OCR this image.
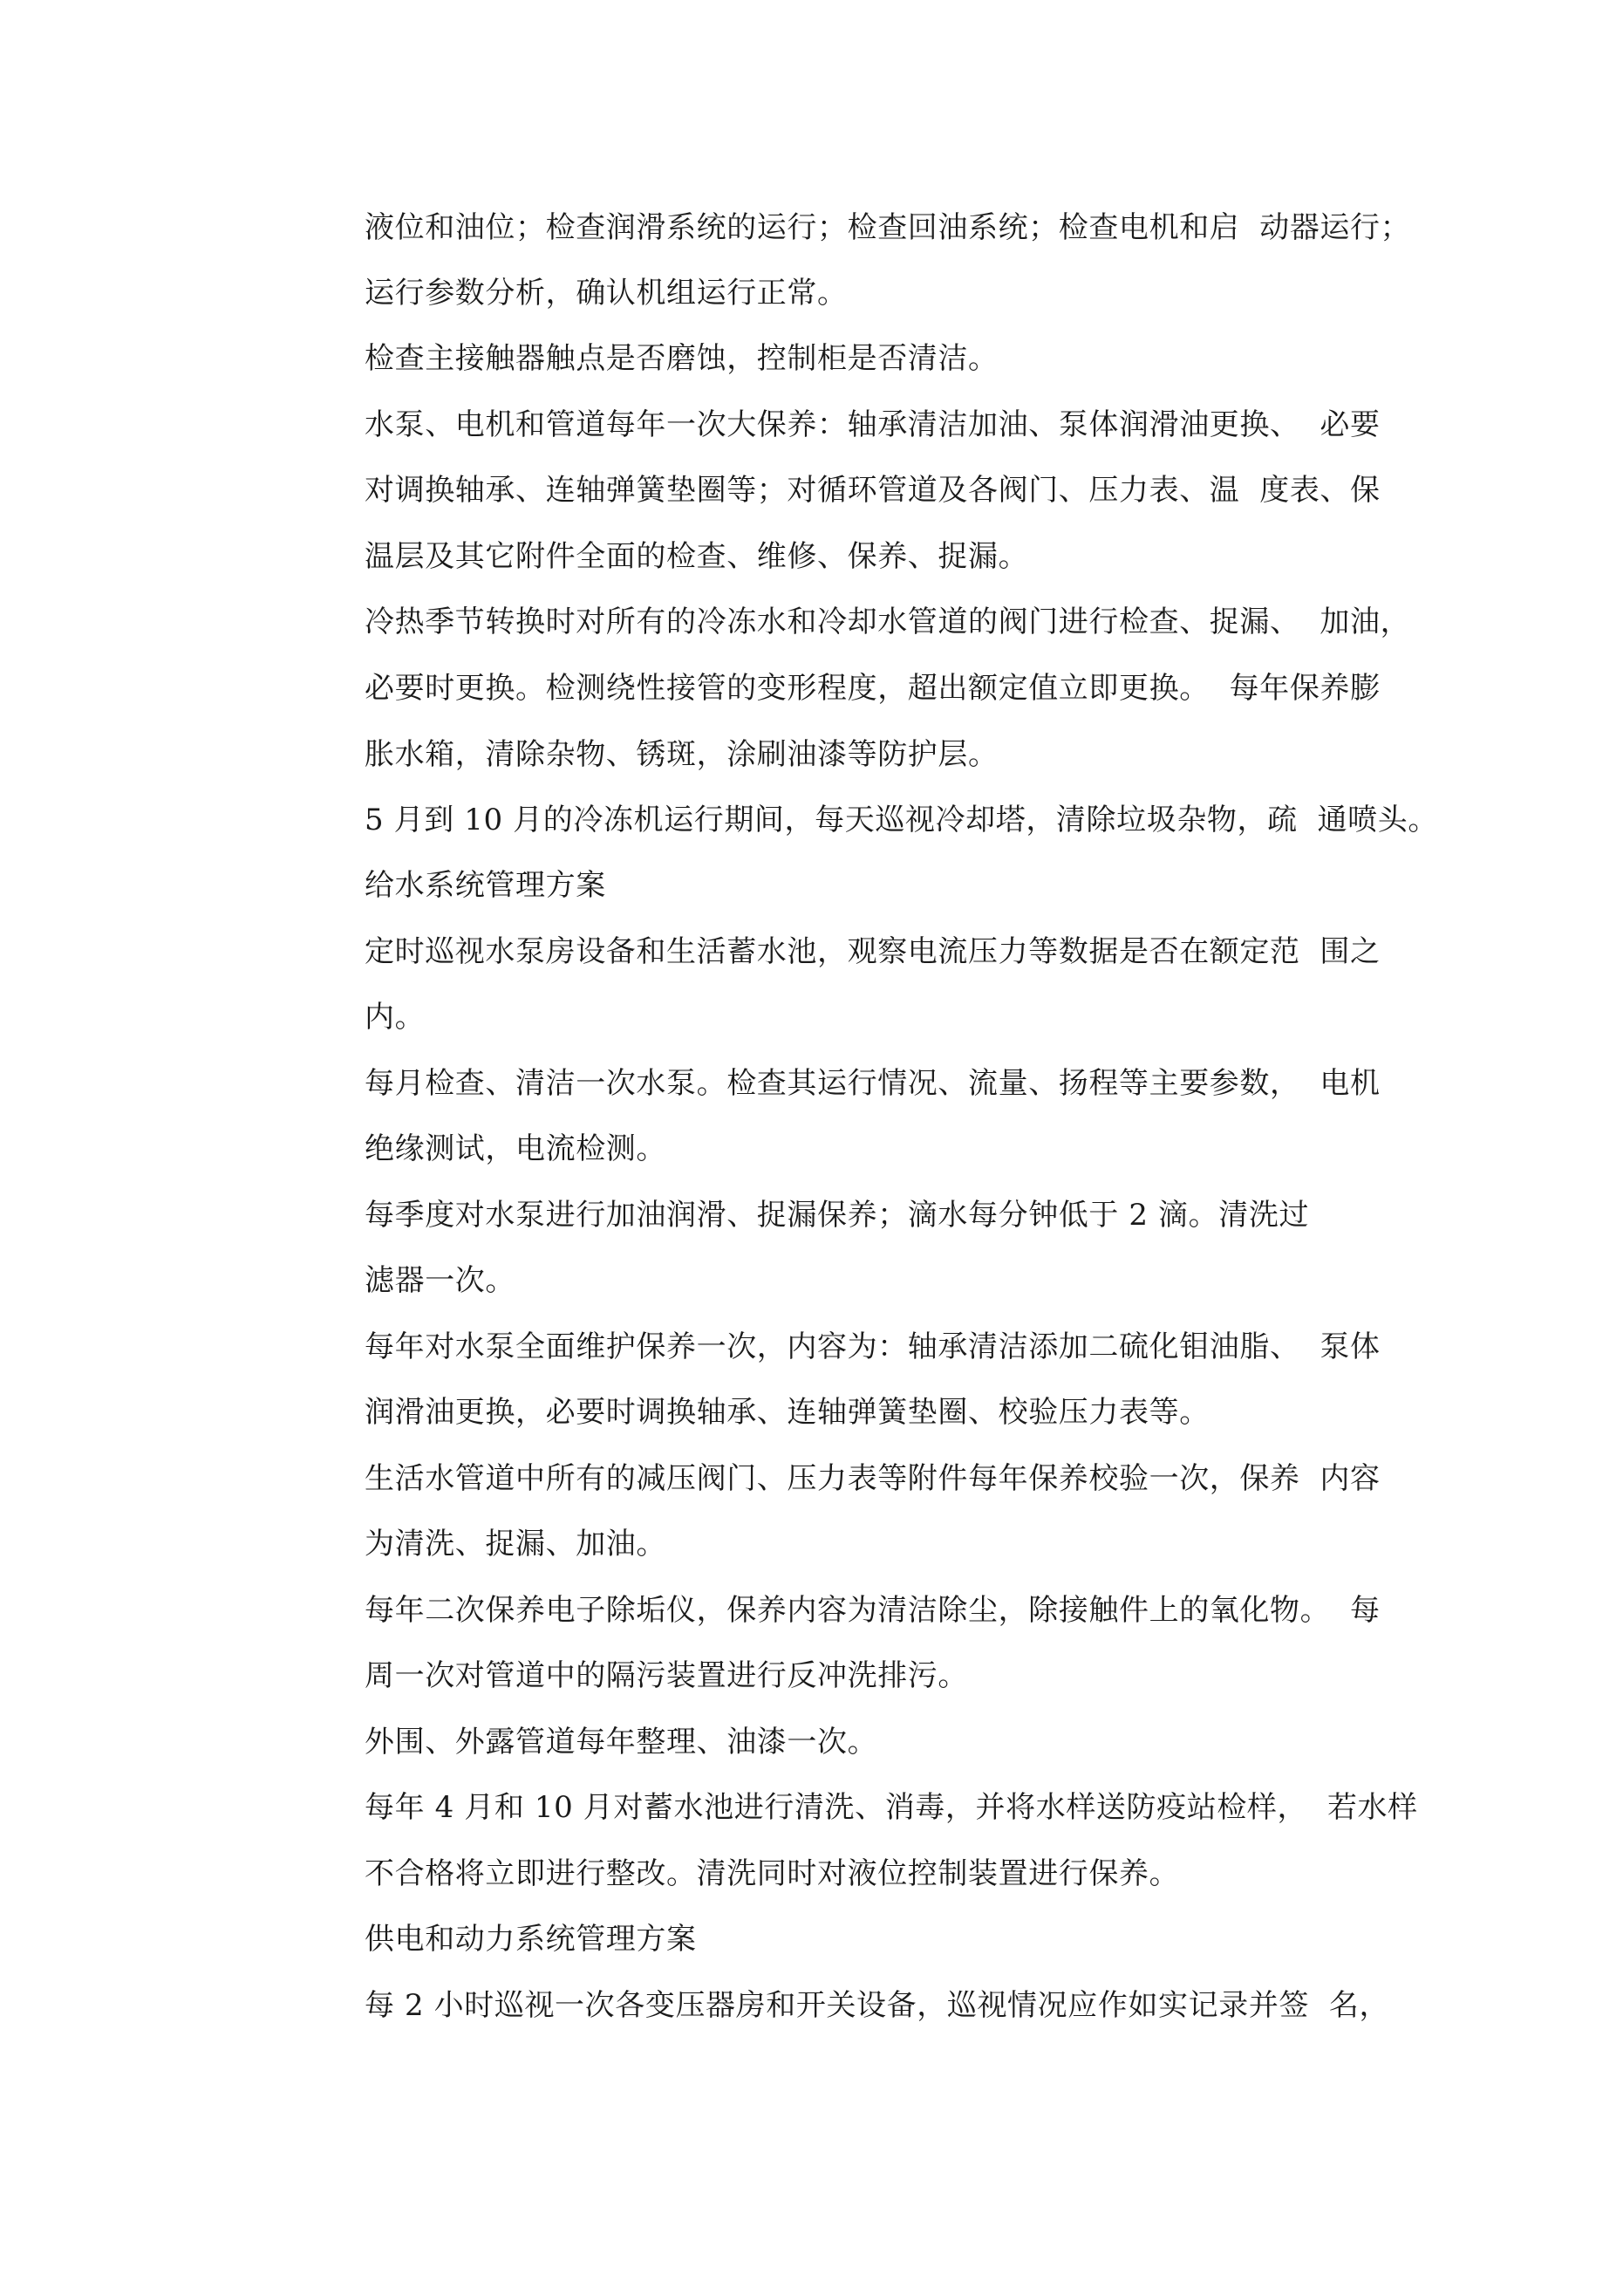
液位和油位；检查润滑系统的运行；检查回油系统；检查电机和启  动器运行；
运行参数分析，确认机组运行正常。
检查主接触器触点是否磨蚀，控制柜是否清洁。
水泵、电机和管道每年一次大保养：轴承清洁加油、泵体润滑油更换、  必要
对调换轴承、连轴弹簧垫圈等；对循环管道及各阀门、压力表、温  度表、保
温层及其它附件全面的检查、维修、保养、捉漏。
冷热季节转换时对所有的冷冻水和冷却水管道的阀门进行检查、捉漏、  加油，
必要时更换。检测绕性接管的变形程度，超出额定值立即更换。  每年保养膨
胀水箱，清除杂物、锈斑，涂刷油漆等防护层。
5 月到 10 月的冷冻机运行期间，每天巡视冷却塔，清除垃圾杂物，疏  通喷头。
给水系统管理方案
定时巡视水泵房设备和生活蓄水池，观察电流压力等数据是否在额定范  围之
内。
每月检查、清洁一次水泵。检查其运行情况、流量、扬程等主要参数，  电机
绝缘测试，电流检测。
每季度对水泵进行加油润滑、捉漏保养；滴水每分钟低于 2 滴。清洗过
滤器一次。
每年对水泵全面维护保养一次，内容为：轴承清洁添加二硫化钼油脂、  泵体
润滑油更换，必要时调换轴承、连轴弹簧垫圈、校验压力表等。
生活水管道中所有的减压阀门、压力表等附件每年保养校验一次，保养  内容
为清洗、捉漏、加油。
每年二次保养电子除垢仪，保养内容为清洁除尘，除接触件上的氧化物。  每
周一次对管道中的隔污装置进行反冲洗排污。
外围、外露管道每年整理、油漆一次。
每年 4 月和 10 月对蓄水池进行清洗、消毒，并将水样送防疫站检样，  若水样
不合格将立即进行整改。清洗同时对液位控制装置进行保养。
供电和动力系统管理方案
每 2 小时巡视一次各变压器房和开关设备，巡视情况应作如实记录并签  名，
